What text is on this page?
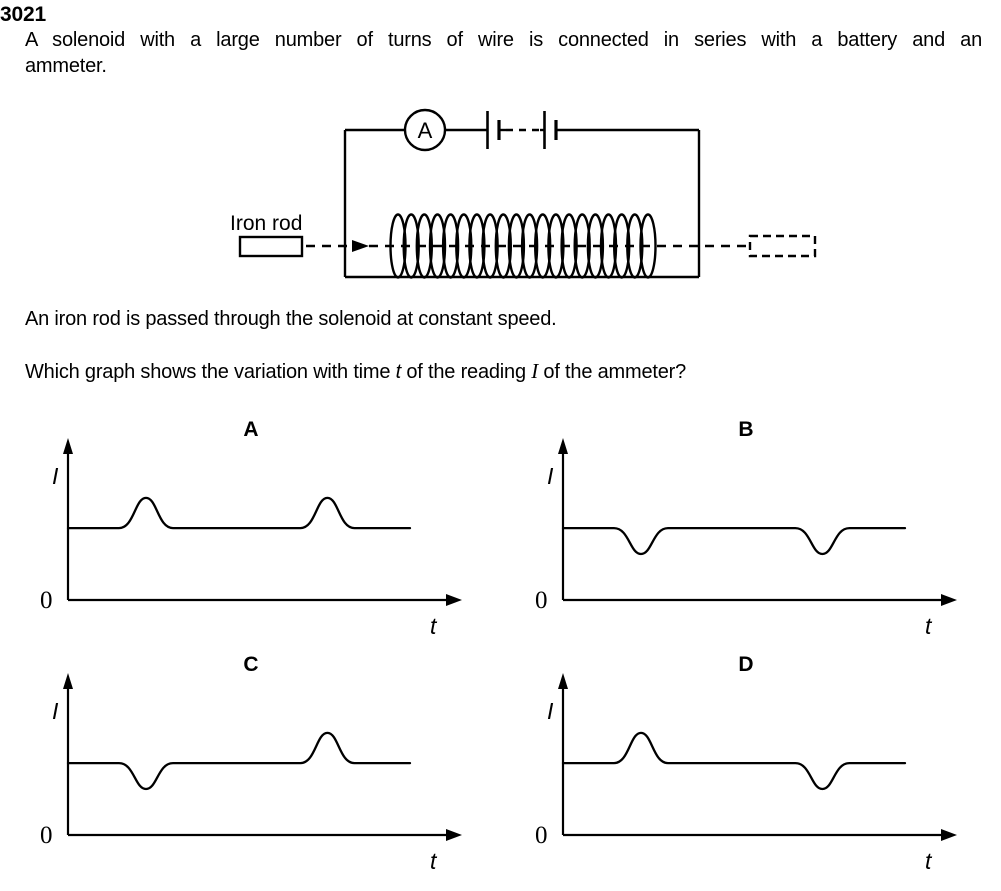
3021
A solenoid with a large number of turns of wire is connected in series with a battery and an
ammeter.
A
Iron rod
An iron rod is passed through the solenoid at constant speed.
Which graph shows the variation with time t of the reading I of the ammeter?
A
I
0
t
B
I
0
t
C
I
0
t
D
I
0
t
